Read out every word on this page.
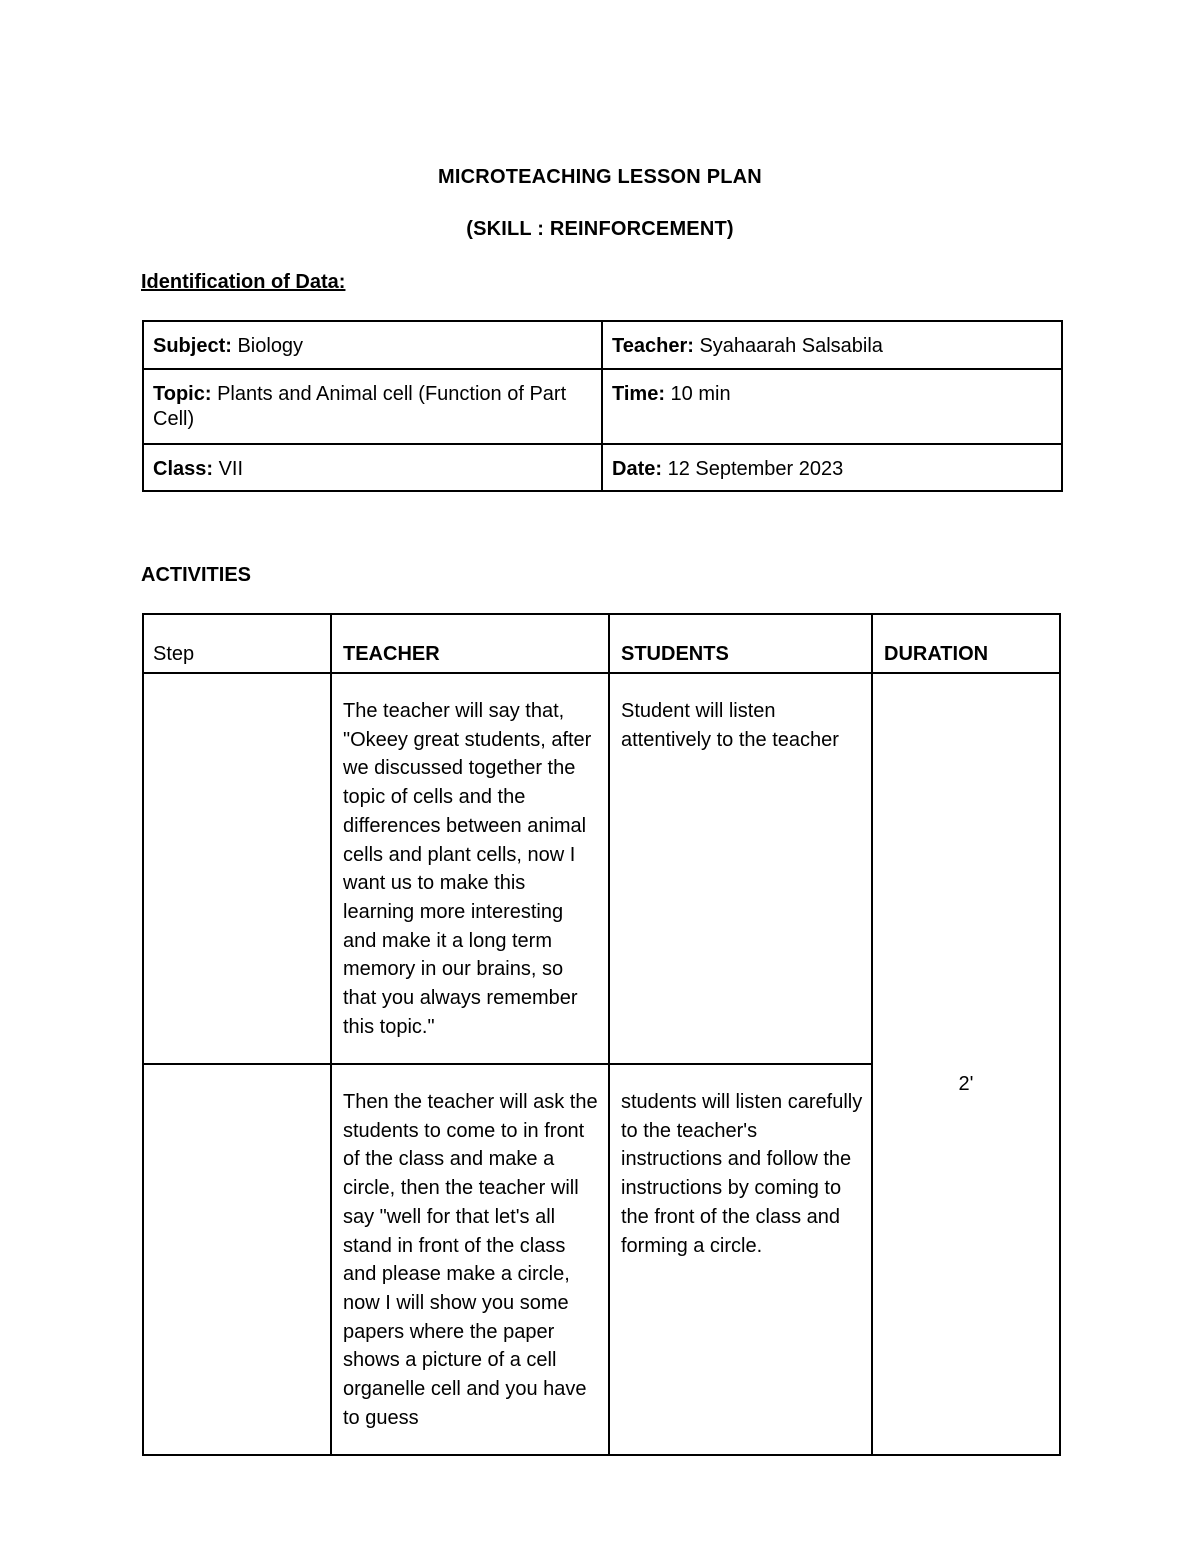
MICROTEACHING LESSON PLAN
(SKILL : REINFORCEMENT)
Identification of Data:
Subject: Biology	Teacher: Syahaarah Salsabila
Topic: Plants and Animal cell (Function of Part Cell)	Time: 10 min
Class: VII	Date: 12 September 2023
ACTIVITIES
Step	TEACHER	STUDENTS	DURATION
	The teacher will say that, "Okeey great students, after we discussed together the topic of cells and the differences between animal cells and plant cells, now I want us to make this learning more interesting and make it a long term memory in our brains, so that you always remember this topic."	Student will listen attentively to the teacher	2'
	Then the teacher will ask the students to come to in front of the class and make a circle, then the teacher will say "well for that let's all stand in front of the class and please make a circle, now I will show you some papers where the paper shows a picture of a cell organelle cell and you have to guess	students will listen carefully to the teacher's instructions and follow the instructions by coming to the front of the class and forming a circle.	
